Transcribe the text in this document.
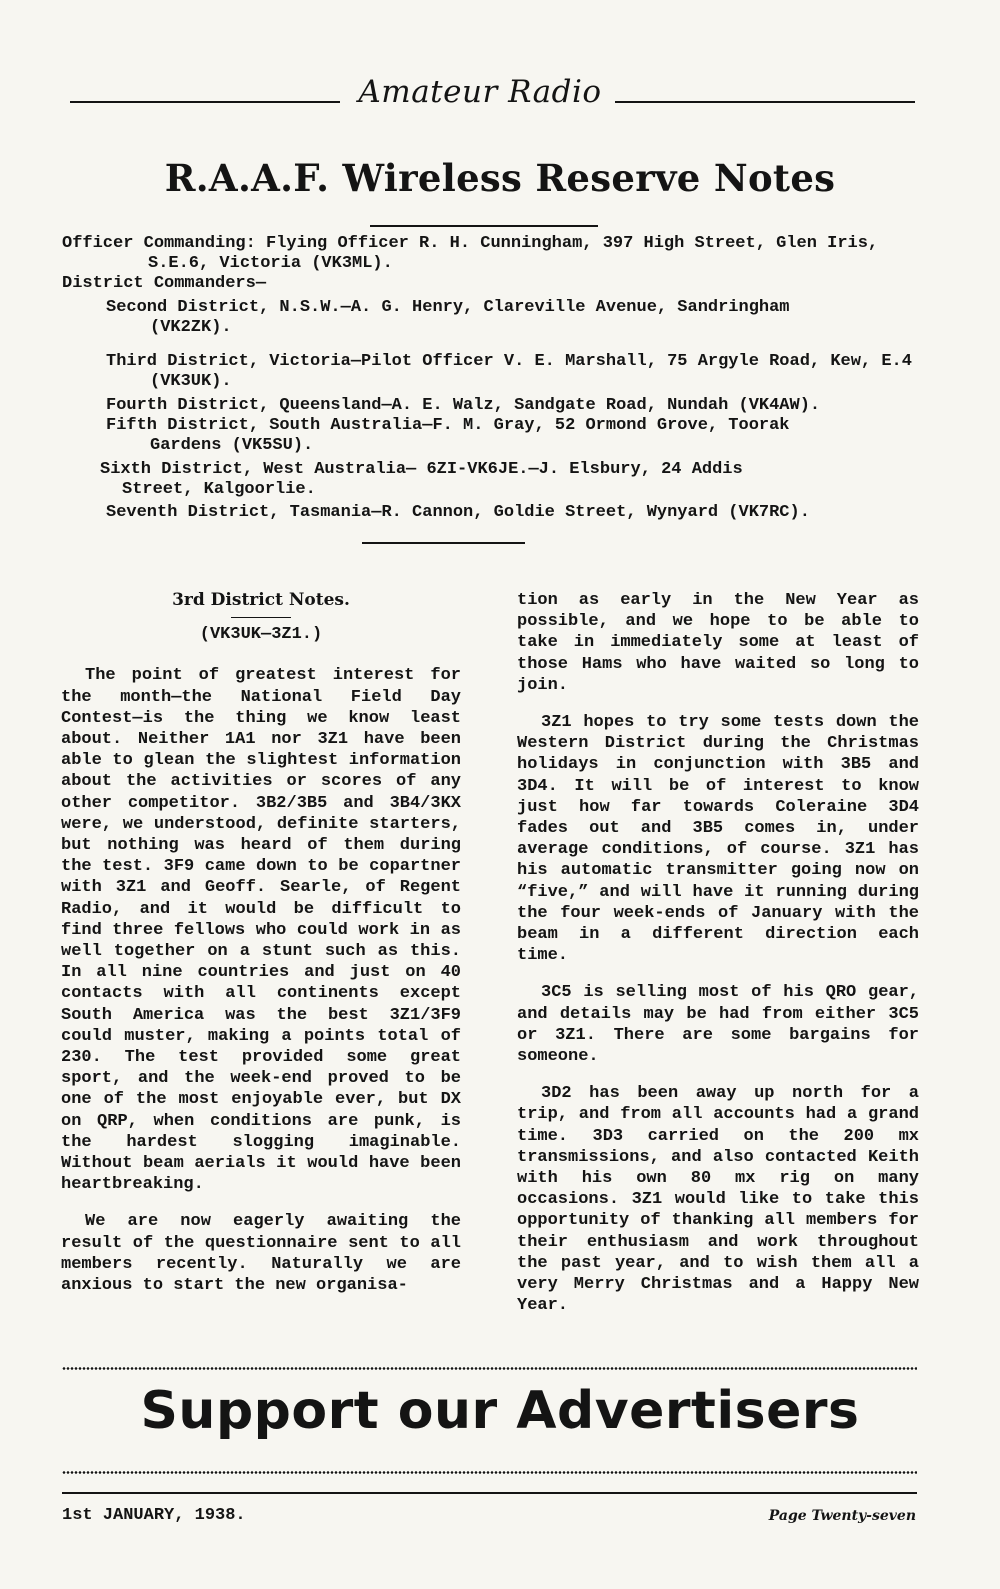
Amateur Radio
R.A.A.F. Wireless Reserve Notes

Officer Commanding: Flying Officer R. H. Cunningham, 397 High Street, Glen Iris,
S.E.6, Victoria (VK3ML).

District Commanders—

Second District, N.S.W.—A. G. Henry, Clareville Avenue, Sandringham
(VK2ZK).

Third District, Victoria—Pilot Officer V. E. Marshall, 75 Argyle Road, Kew, E.4
(VK3UK).

Fourth District, Queensland—A. E. Walz, Sandgate Road, Nundah (VK4AW).

Fifth District, South Australia—F. M. Gray, 52 Ormond Grove, Toorak
Gardens (VK5SU).

Sixth District, West Australia— 6ZI-VK6JE.—J. Elsbury, 24 Addis
Street, Kalgoorlie.

Seventh District, Tasmania—R. Cannon, Goldie Street, Wynyard (VK7RC).

3rd District Notes.

(VK3UK—3Z1.)

The point of greatest interest for the month—the National Field Day Contest—is the thing we know least about. Neither 1A1 nor 3Z1 have been able to glean the slightest information about the activities or scores of any other competitor. 3B2/3B5 and 3B4/3KX were, we understood, definite starters, but nothing was heard of them during the test. 3F9 came down to be copartner with 3Z1 and Geoff. Searle, of Regent Radio, and it would be difficult to find three fellows who could work in as well together on a stunt such as this. In all nine countries and just on 40 contacts with all continents except South America was the best 3Z1/3F9 could muster, making a points total of 230. The test provided some great sport, and the week-end proved to be one of the most enjoyable ever, but DX on QRP, when conditions are punk, is the hardest slogging imaginable. Without beam aerials it would have been heartbreaking.

We are now eagerly awaiting the result of the questionnaire sent to all members recently. Naturally we are anxious to start the new organisa-

tion as early in the New Year as possible, and we hope to be able to take in immediately some at least of those Hams who have waited so long to join.

3Z1 hopes to try some tests down the Western District during the Christmas holidays in conjunction with 3B5 and 3D4. It will be of interest to know just how far towards Coleraine 3D4 fades out and 3B5 comes in, under average conditions, of course. 3Z1 has his automatic transmitter going now on “five,” and will have it running during the four week-ends of January with the beam in a different direction each time.

3C5 is selling most of his QRO gear, and details may be had from either 3C5 or 3Z1. There are some bargains for someone.

3D2 has been away up north for a trip, and from all accounts had a grand time. 3D3 carried on the 200 mx transmissions, and also contacted Keith with his own 80 mx rig on many occasions. 3Z1 would like to take this opportunity of thanking all members for their enthusiasm and work throughout the past year, and to wish them all a very Merry Christmas and a Happy New Year.

Support our Advertisers
1st JANUARY, 1938.	Page Twenty-seven
